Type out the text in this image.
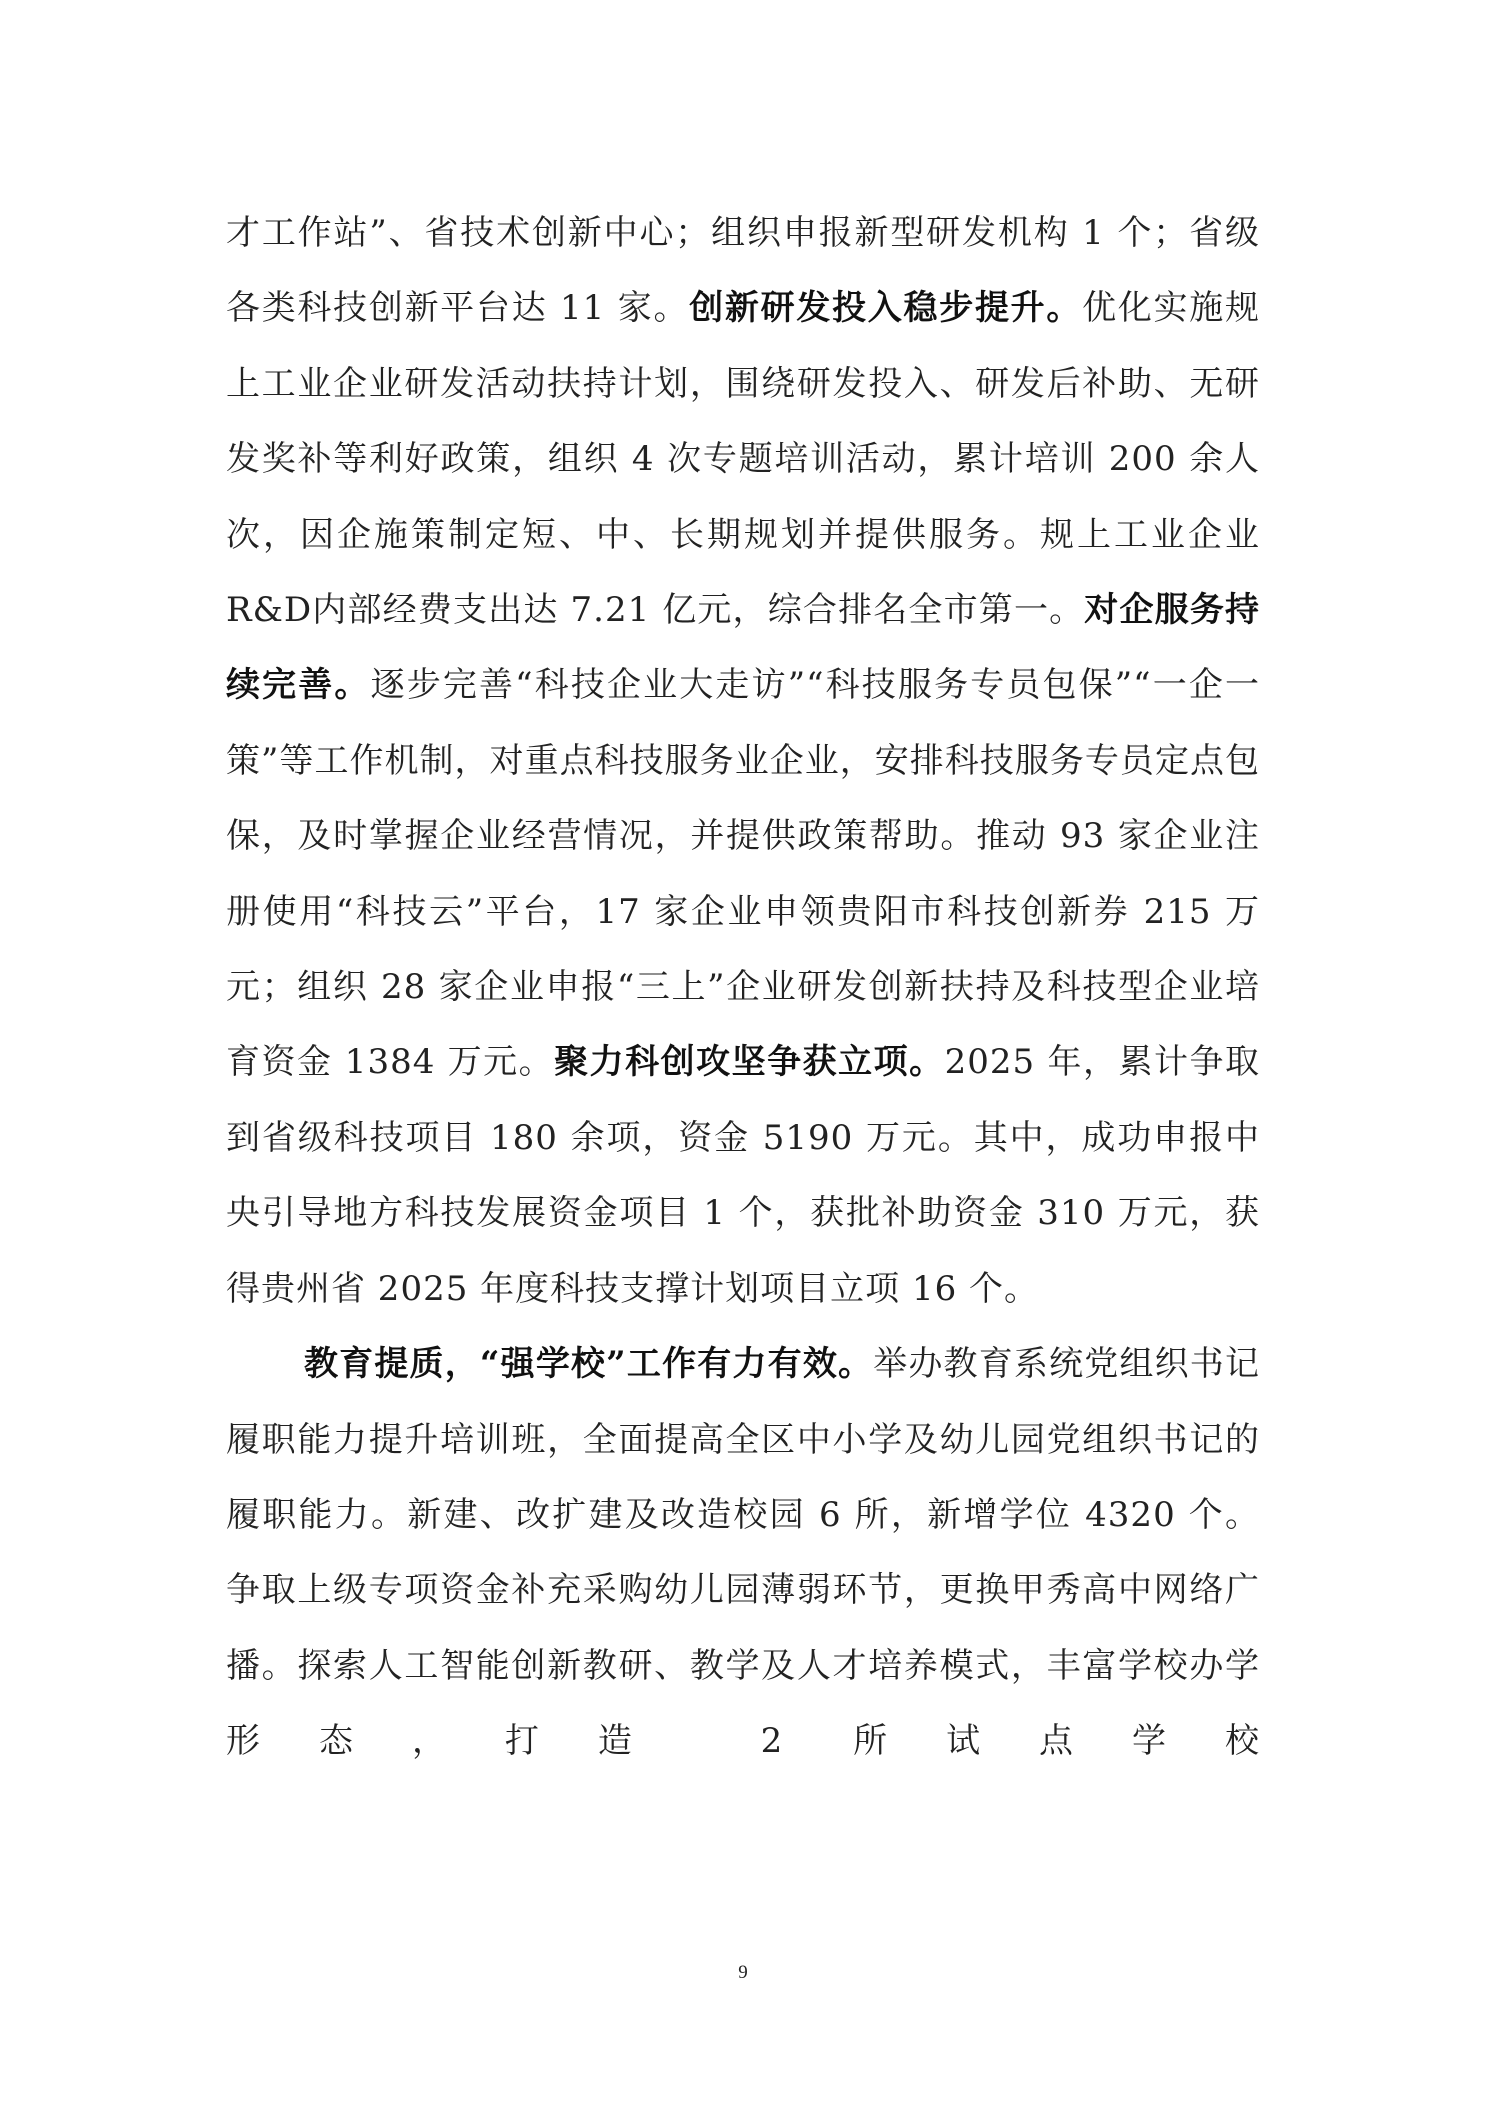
才工作站”、省技术创新中心；组织申报新型研发机构 1 个；省级各类科技创新平台达 11 家。创新研发投入稳步提升。优化实施规上工业企业研发活动扶持计划，围绕研发投入、研发后补助、无研发奖补等利好政策，组织 4 次专题培训活动，累计培训 200 余人次，因企施策制定短、中、长期规划并提供服务。规上工业企业R&D内部经费支出达 7.21 亿元，综合排名全市第一。对企服务持续完善。逐步完善“科技企业大走访”“科技服务专员包保”“一企一策”等工作机制，对重点科技服务业企业，安排科技服务专员定点包保，及时掌握企业经营情况，并提供政策帮助。推动 93 家企业注册使用“科技云”平台，17 家企业申领贵阳市科技创新券 215 万元；组织 28 家企业申报“三上”企业研发创新扶持及科技型企业培育资金 1384 万元。聚力科创攻坚争获立项。2025 年，累计争取到省级科技项目 180 余项，资金 5190 万元。其中，成功申报中央引导地方科技发展资金项目 1 个，获批补助资金 310 万元，获得贵州省 2025 年度科技支撑计划项目立项 16 个。

教育提质，“强学校”工作有力有效。举办教育系统党组织书记履职能力提升培训班，全面提高全区中小学及幼儿园党组织书记的履职能力。新建、改扩建及改造校园 6 所，新增学位 4320 个。争取上级专项资金补充采购幼儿园薄弱环节，更换甲秀高中网络广播。探索人工智能创新教研、教学及人才培养模式，丰富学校办学形态，打造 2 所试点学校

9
